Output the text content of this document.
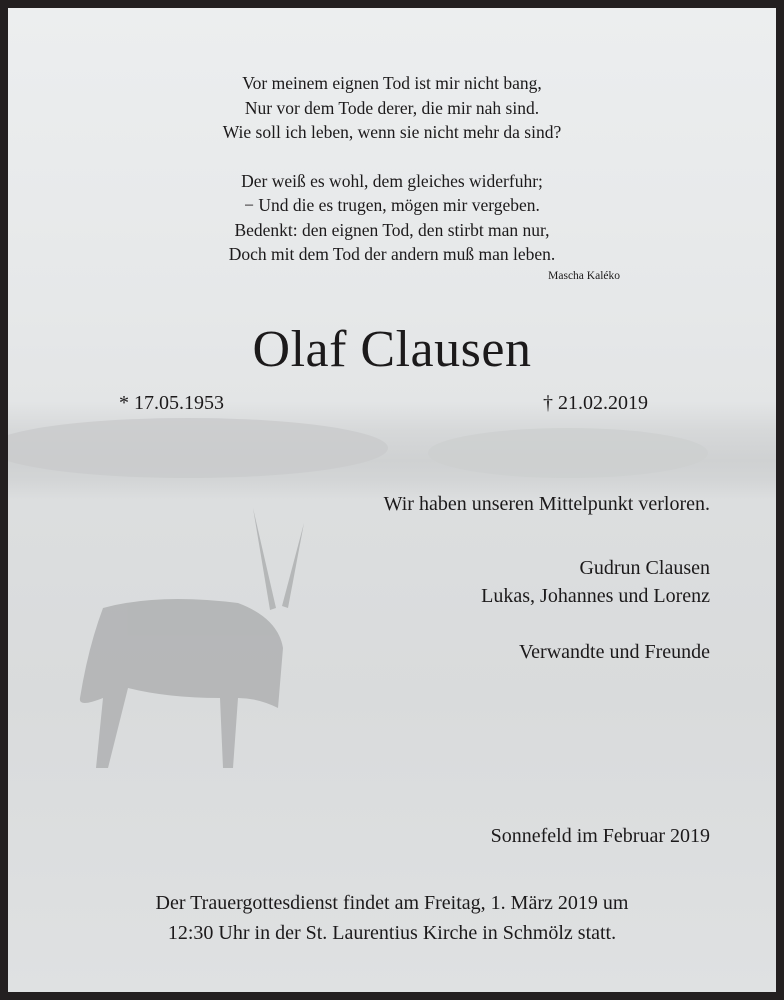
Vor meinem eignen Tod ist mir nicht bang,

Nur vor dem Tode derer, die mir nah sind.

Wie soll ich leben, wenn sie nicht mehr da sind?

Der weiß es wohl, dem gleiches widerfuhr;

− Und die es trugen, mögen mir vergeben.

Bedenkt: den eignen Tod, den stirbt man nur,

Doch mit dem Tod der andern muß man leben.

Mascha Kaléko
Olaf Clausen
* 17.05.1953	† 21.02.2019
Wir haben unseren Mittelpunkt verloren.
Gudrun Clausen
Lukas, Johannes und Lorenz
Verwandte und Freunde
Sonnefeld im Februar 2019

Der Trauergottesdienst findet am Freitag, 1. März 2019 um

12:30 Uhr in der St. Laurentius Kirche in Schmölz statt.
